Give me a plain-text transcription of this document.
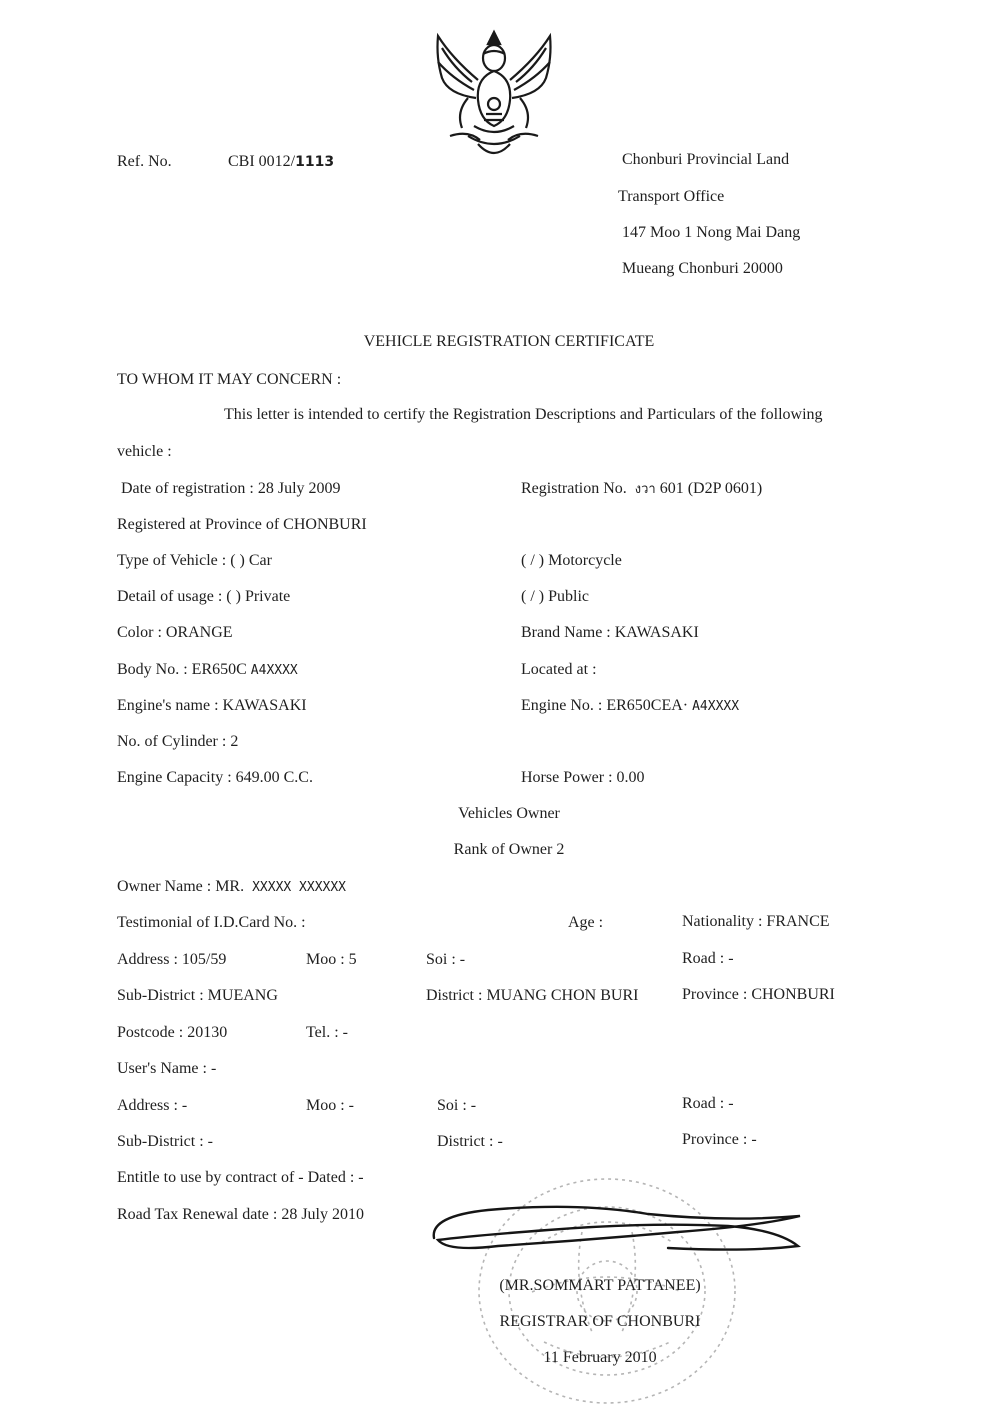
Ref. No.	CBI 0012/1113	Chonburi Provincial Land
Transport Office
147 Moo 1 Nong Mai Dang
Mueang Chonburi 20000
VEHICLE REGISTRATION CERTIFICATE
TO WHOM IT MAY CONCERN :
This letter is intended to certify the Registration Descriptions and Particulars of the following
vehicle :
Date of registration : 28 July 2009	Registration No. งวา 601 (D2P 0601)
Registered at Province of CHONBURI
Type of Vehicle : ( ) Car	( / ) Motorcycle
Detail of usage : ( ) Private	( / ) Public
Color : ORANGE	Brand Name : KAWASAKI
Body No. : ER650C A4XXXX	Located at :
Engine's name : KAWASAKI	Engine No. : ER650CEA· A4XXXX
No. of Cylinder : 2
Engine Capacity : 649.00 C.C.	Horse Power : 0.00
Vehicles Owner
Rank of Owner 2
Owner Name : MR. XXXXX XXXXXX
Testimonial of I.D.Card No. :	Age :	Nationality : FRANCE
Address : 105/59	Moo : 5	Soi : -	Road : -
Sub-District : MUEANG	District : MUANG CHON BURI	Province : CHONBURI
Postcode : 20130	Tel. : -
User's Name : -
Address : -	Moo : -	Soi : -	Road : -
Sub-District : -	District : -	Province : -
Entitle to use by contract of - Dated : -
Road Tax Renewal date : 28 July 2010
(MR.SOMMART PATTANEE)
REGISTRAR OF CHONBURI
11 February 2010
